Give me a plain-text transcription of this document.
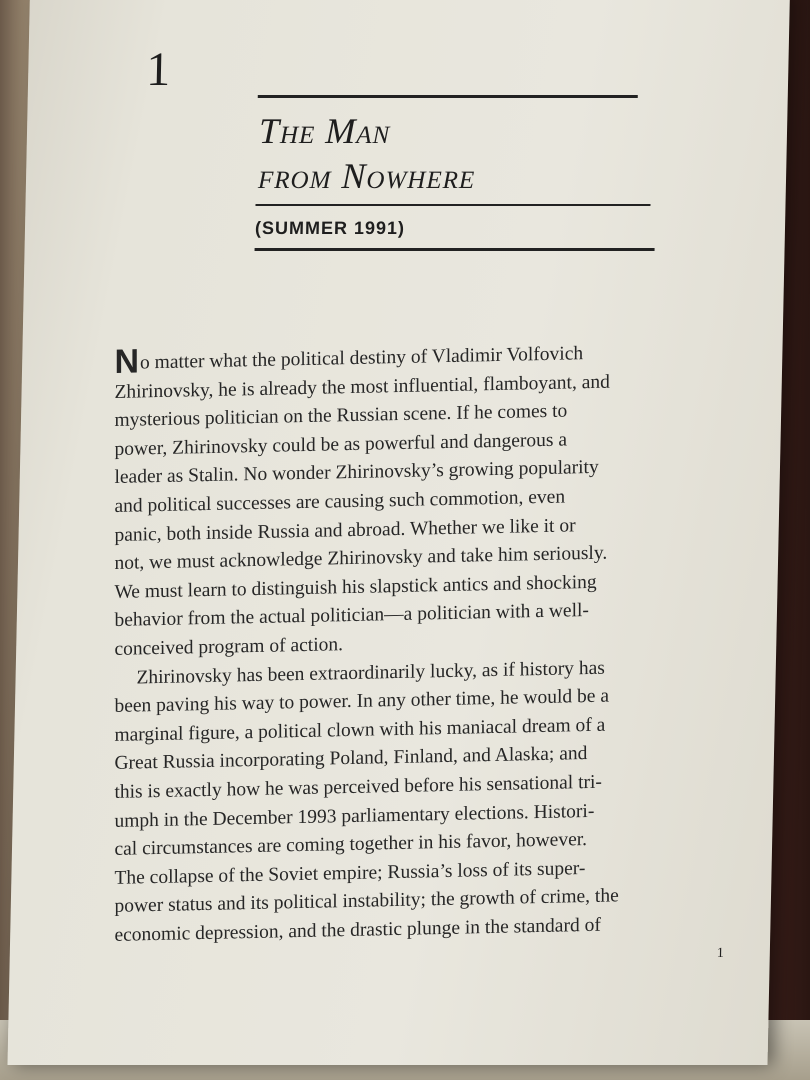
1
The Man
from Nowhere
(SUMMER 1991)
No matter what the political destiny of Vladimir Volfovich
Zhirinovsky, he is already the most influential, flamboyant, and
mysterious politician on the Russian scene. If he comes to
power, Zhirinovsky could be as powerful and dangerous a
leader as Stalin. No wonder Zhirinovsky’s growing popularity
and political successes are causing such commotion, even
panic, both inside Russia and abroad. Whether we like it or
not, we must acknowledge Zhirinovsky and take him seriously.
We must learn to distinguish his slapstick antics and shocking
behavior from the actual politician—a politician with a well-
conceived program of action.
Zhirinovsky has been extraordinarily lucky, as if history has
been paving his way to power. In any other time, he would be a
marginal figure, a political clown with his maniacal dream of a
Great Russia incorporating Poland, Finland, and Alaska; and
this is exactly how he was perceived before his sensational tri-
umph in the December 1993 parliamentary elections. Histori-
cal circumstances are coming together in his favor, however.
The collapse of the Soviet empire; Russia’s loss of its super-
power status and its political instability; the growth of crime, the
economic depression, and the drastic plunge in the standard of
1
